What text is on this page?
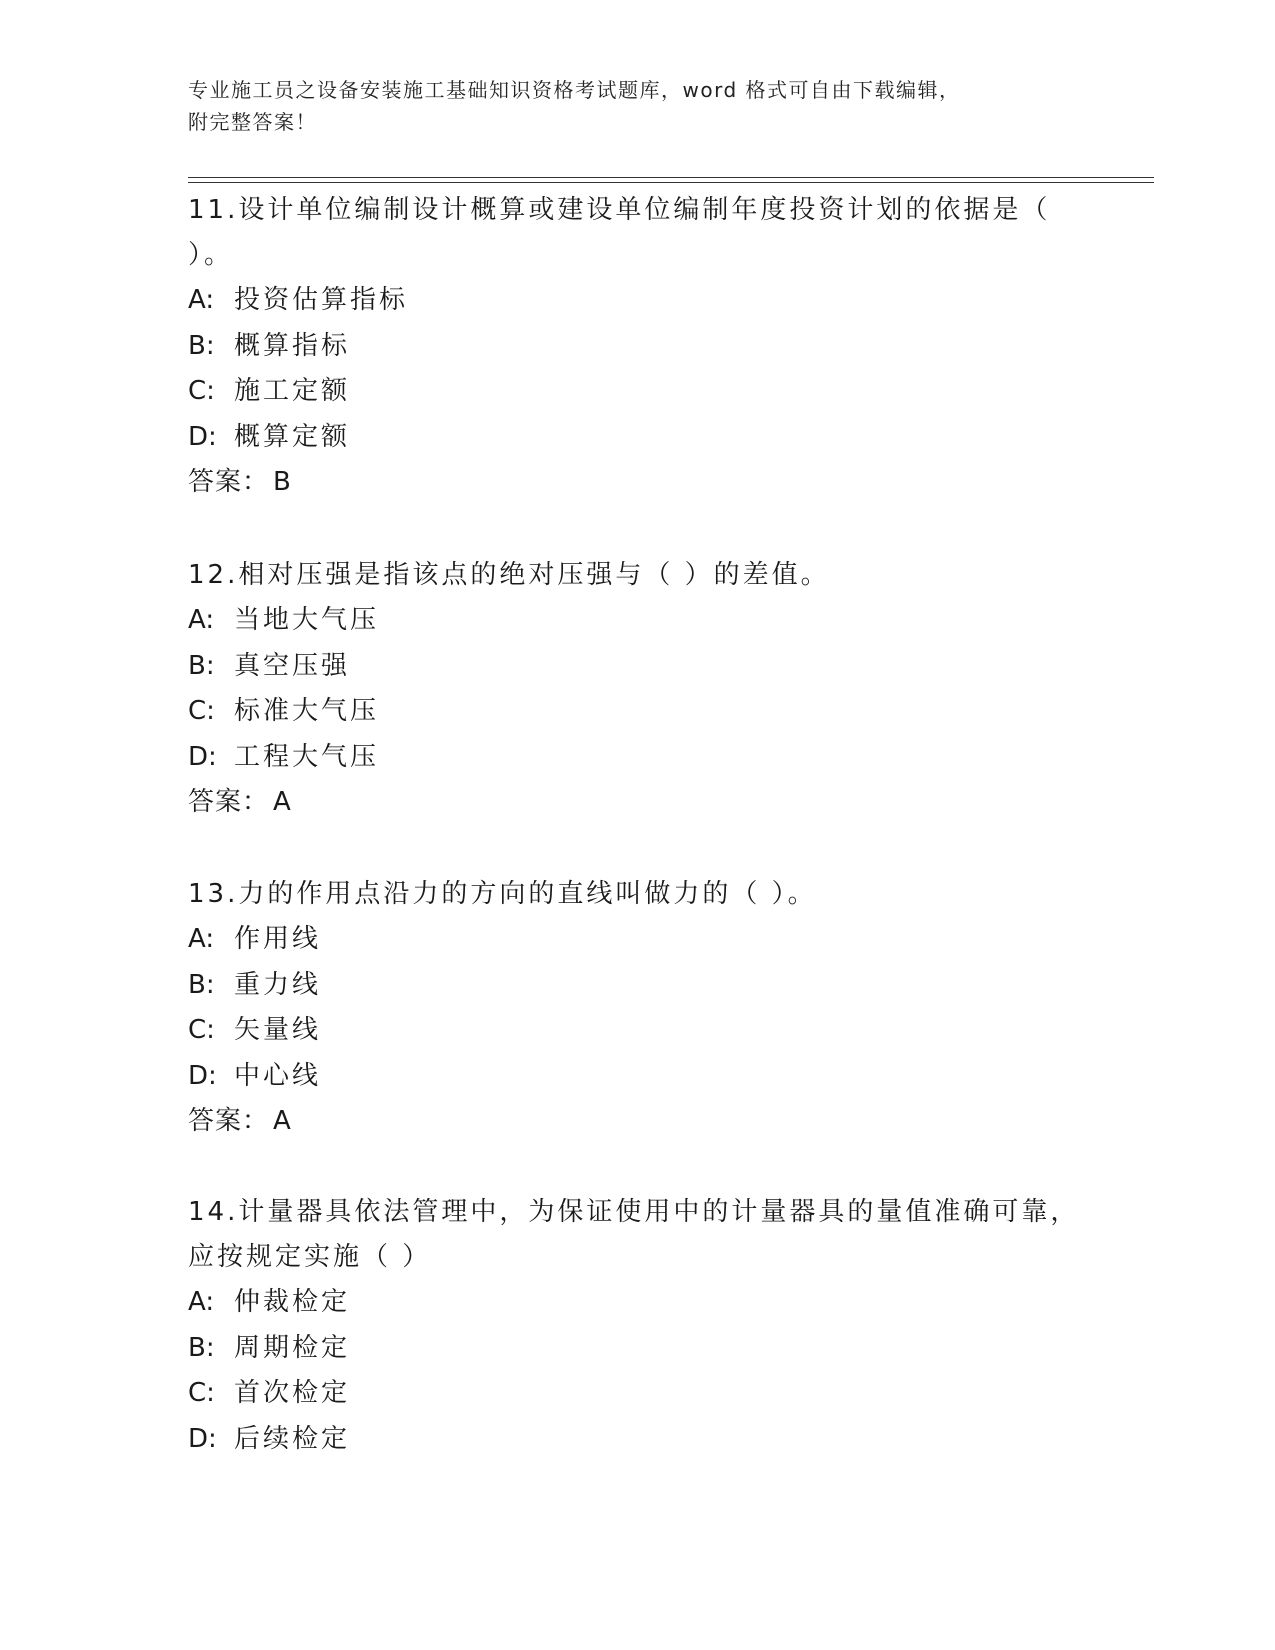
专业施工员之设备安装施工基础知识资格考试题库，word 格式可自由下载编辑，
附完整答案！

11.设计单位编制设计概算或建设单位编制年度投资计划的依据是（
）。

A: 投资估算指标

B: 概算指标

C: 施工定额

D: 概算定额

答案： B

12.相对压强是指该点的绝对压强与（ ）的差值。

A: 当地大气压

B: 真空压强

C: 标准大气压

D: 工程大气压

答案： A

13.力的作用点沿力的方向的直线叫做力的（ ）。

A: 作用线

B: 重力线

C: 矢量线

D: 中心线

答案： A

14.计量器具依法管理中，为保证使用中的计量器具的量值准确可靠，
应按规定实施（ ）

A: 仲裁检定

B: 周期检定

C: 首次检定

D: 后续检定
